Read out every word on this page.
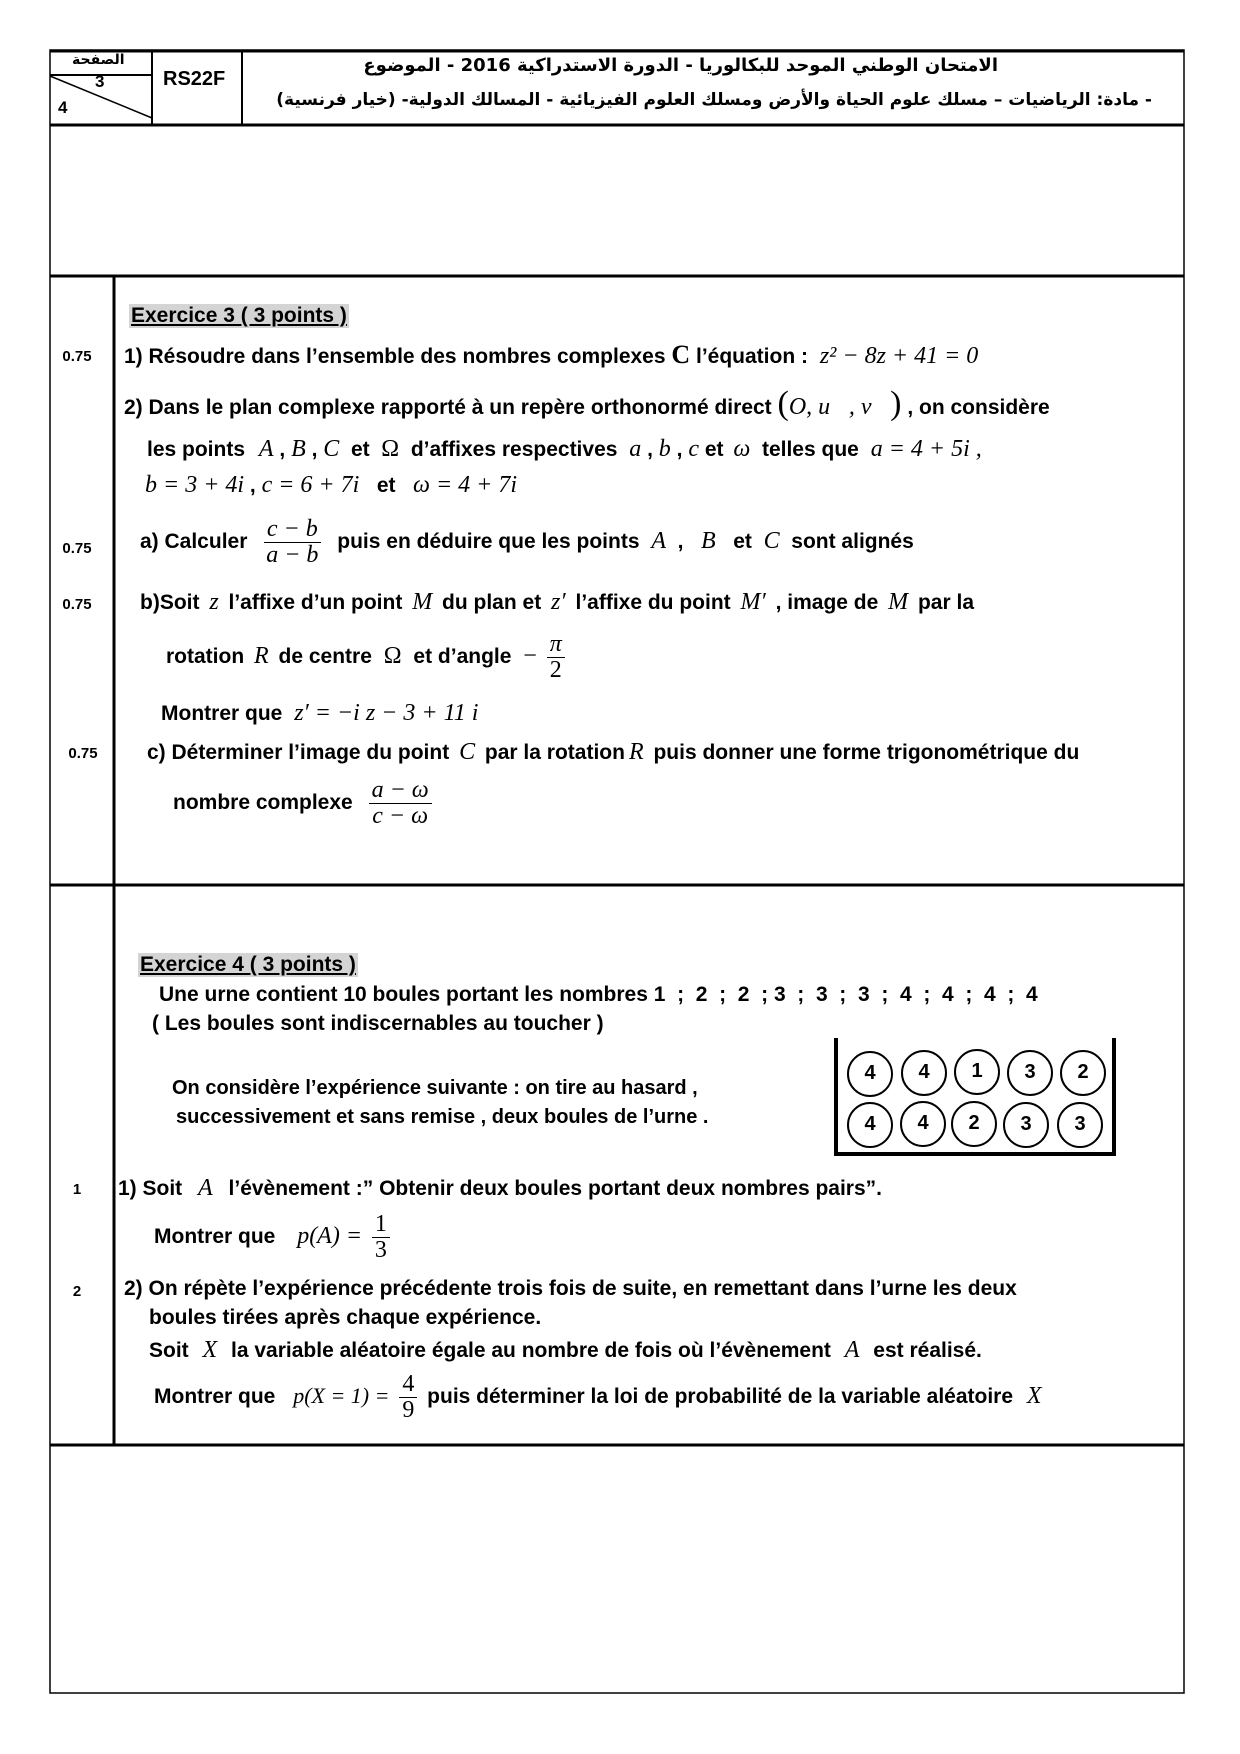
الصفحة
3
4
RS22F
الامتحان الوطني الموحد للبكالوريا - الدورة الاستدراكية 2016 - الموضوع
- مادة: الرياضيات – مسلك علوم الحياة والأرض ومسلك العلوم الفيزيائية - المسالك الدولية- (خيار فرنسية)
Exercice 3 ( 3 points )
0.75	1) Résoudre dans l’ensemble des nombres complexes C l’équation : z² − 8z + 41 = 0
2) Dans le plan complexe rapporté à un repère orthonormé direct (O, u⃗, v⃗) , on considère
les points A , B , C et Ω d’affixes respectives a , b , c et ω telles que a = 4 + 5i ,
b = 3 + 4i , c = 6 + 7i et ω = 4 + 7i
0.75	a) Calculer $\frac{c - b}{a - b}$ puis en déduire que les points A  ,   B et C sont alignés
0.75	b)Soit z l’affixe d’un point M du plan et z′ l’affixe du point M′ , image de M par la
rotation R de centre Ω et d’angle − $\frac{\pi}{2}$
Montrer que z′ = −i z − 3 + 11 i
0.75	c) Déterminer l’image du point C par la rotation R puis donner une forme trigonométrique du
nombre complexe $\frac{a - \omega}{c - \omega}$
Exercice 4 ( 3 points )
Une urne contient 10 boules portant les nombres 1  ;  2  ;  2  ; 3  ;  3  ;  3  ;  4  ;  4  ;  4  ;  4
( Les boules sont indiscernables au toucher )
On considère l’expérience suivante : on tire au hasard ,
successivement et sans remise , deux boules de l’urne .
4	4	1	3	2
4	4	2	3	3
1	1) Soit A l’évènement :” Obtenir deux boules portant deux nombres pairs”.
Montrer que $p(A) = \frac{1}{3}$
2	2) On répète l’expérience précédente trois fois de suite, en remettant dans l’urne les deux
boules tirées après chaque expérience.
Soit X la variable aléatoire égale au nombre de fois où l’évènement A est réalisé.
Montrer que $p(X = 1) = \frac{4}{9}$ puis déterminer la loi de probabilité de la variable aléatoire X
